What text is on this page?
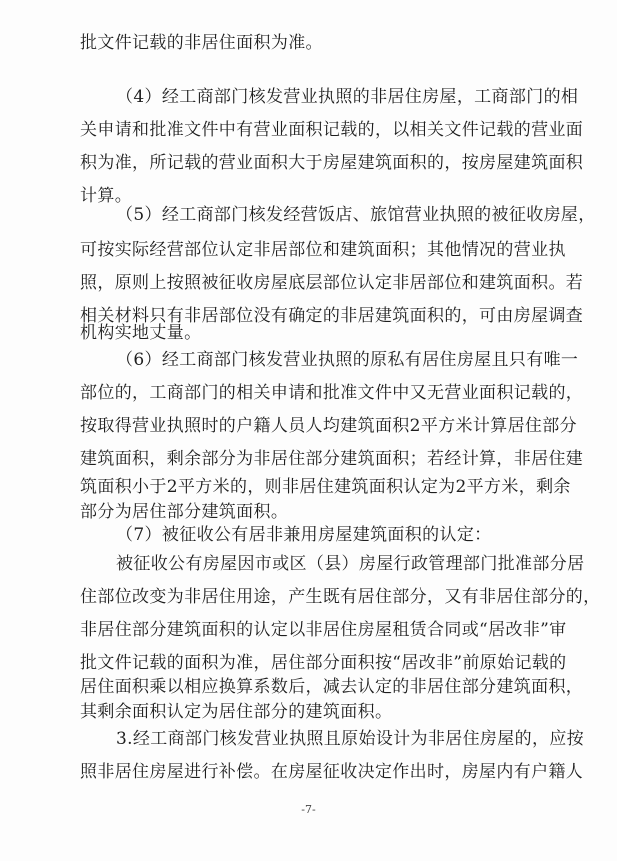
批文件记载的非居住面积为准。
（4）经工商部门核发营业执照的非居住房屋，工商部门的相
关申请和批准文件中有营业面积记载的，以相关文件记载的营业面
积为准，所记载的营业面积大于房屋建筑面积的，按房屋建筑面积
计算。
（5）经工商部门核发经营饭店、旅馆营业执照的被征收房屋，
可按实际经营部位认定非居部位和建筑面积；其他情况的营业执
照，原则上按照被征收房屋底层部位认定非居部位和建筑面积。若
相关材料只有非居部位没有确定的非居建筑面积的，可由房屋调查
机构实地丈量。
（6）经工商部门核发营业执照的原私有居住房屋且只有唯一
部位的，工商部门的相关申请和批准文件中又无营业面积记载的，
按取得营业执照时的户籍人员人均建筑面积2平方米计算居住部分
建筑面积，剩余部分为非居住部分建筑面积；若经计算，非居住建
筑面积小于2平方米的，则非居住建筑面积认定为2平方米，剩余
部分为居住部分建筑面积。
（7）被征收公有居非兼用房屋建筑面积的认定：
被征收公有房屋因市或区（县）房屋行政管理部门批准部分居
住部位改变为非居住用途，产生既有居住部分，又有非居住部分的，
非居住部分建筑面积的认定以非居住房屋租赁合同或“居改非”审
批文件记载的面积为准，居住部分面积按“居改非”前原始记载的
居住面积乘以相应换算系数后，减去认定的非居住部分建筑面积，
其剩余面积认定为居住部分的建筑面积。
3.经工商部门核发营业执照且原始设计为非居住房屋的，应按
照非居住房屋进行补偿。在房屋征收决定作出时，房屋内有户籍人
-7-
